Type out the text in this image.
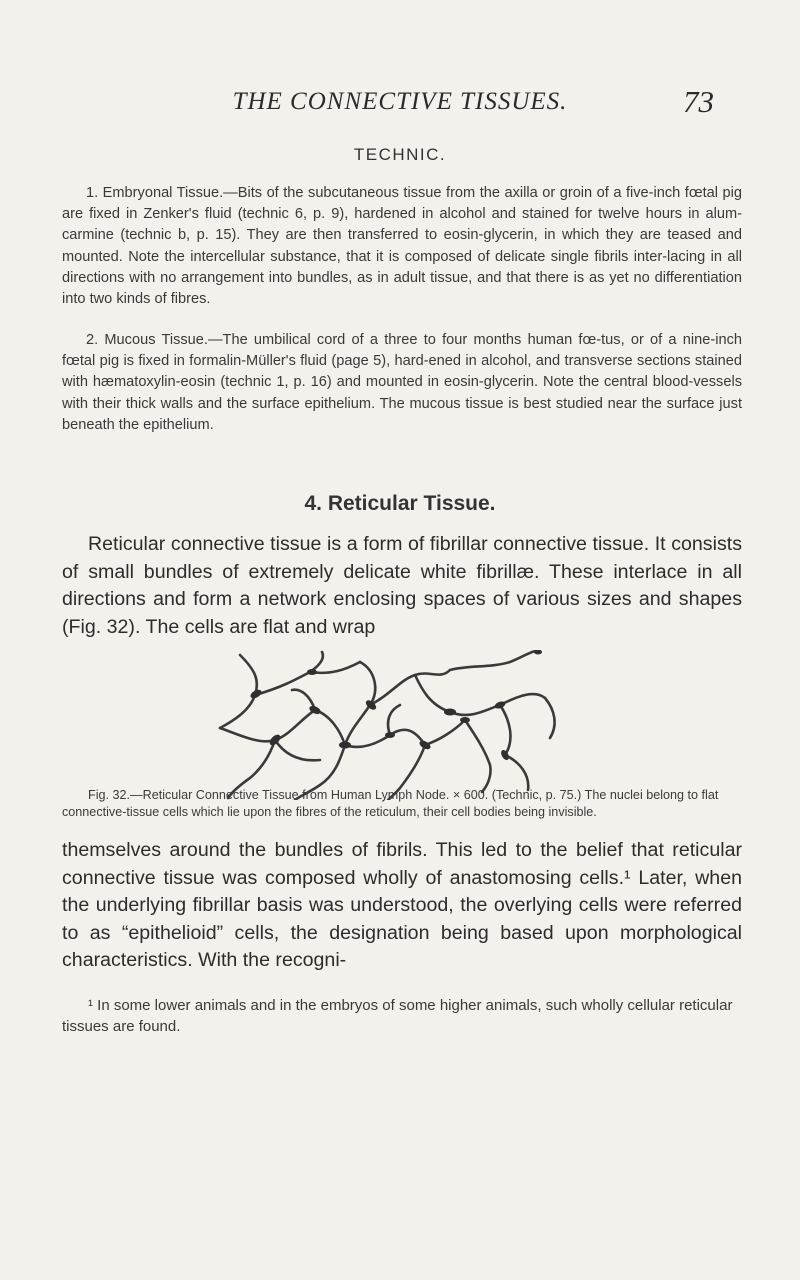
THE CONNECTIVE TISSUES.	73
TECHNIC.

1. Embryonal Tissue.—Bits of the subcutaneous tissue from the axilla or groin of a five-inch fœtal pig are fixed in Zenker's fluid (technic 6, p. 9), hardened in alcohol and stained for twelve hours in alum-carmine (technic b, p. 15). They are then transferred to eosin-glycerin, in which they are teased and mounted. Note the intercellular substance, that it is composed of delicate single fibrils inter-lacing in all directions with no arrangement into bundles, as in adult tissue, and that there is as yet no differentiation into two kinds of fibres.

2. Mucous Tissue.—The umbilical cord of a three to four months human fœ-tus, or of a nine-inch fœtal pig is fixed in formalin-Müller's fluid (page 5), hard-ened in alcohol, and transverse sections stained with hæmatoxylin-eosin (technic 1, p. 16) and mounted in eosin-glycerin. Note the central blood-vessels with their thick walls and the surface epithelium. The mucous tissue is best studied near the surface just beneath the epithelium.

4. Reticular Tissue.

Reticular connective tissue is a form of fibrillar connective tissue. It consists of small bundles of extremely delicate white fibrillæ. These interlace in all directions and form a network enclosing spaces of various sizes and shapes (Fig. 32). The cells are flat and wrap

Fig. 32.—Reticular Connective Tissue from Human Lymph Node. × 600. (Technic, p. 75.) The nuclei belong to flat connective-tissue cells which lie upon the fibres of the reticulum, their cell bodies being invisible.

themselves around the bundles of fibrils. This led to the belief that reticular connective tissue was composed wholly of anastomosing cells.¹ Later, when the underlying fibrillar basis was understood, the overlying cells were referred to as “epithelioid” cells, the designation being based upon morphological characteristics. With the recogni-

¹ In some lower animals and in the embryos of some higher animals, such wholly cellular reticular tissues are found.
